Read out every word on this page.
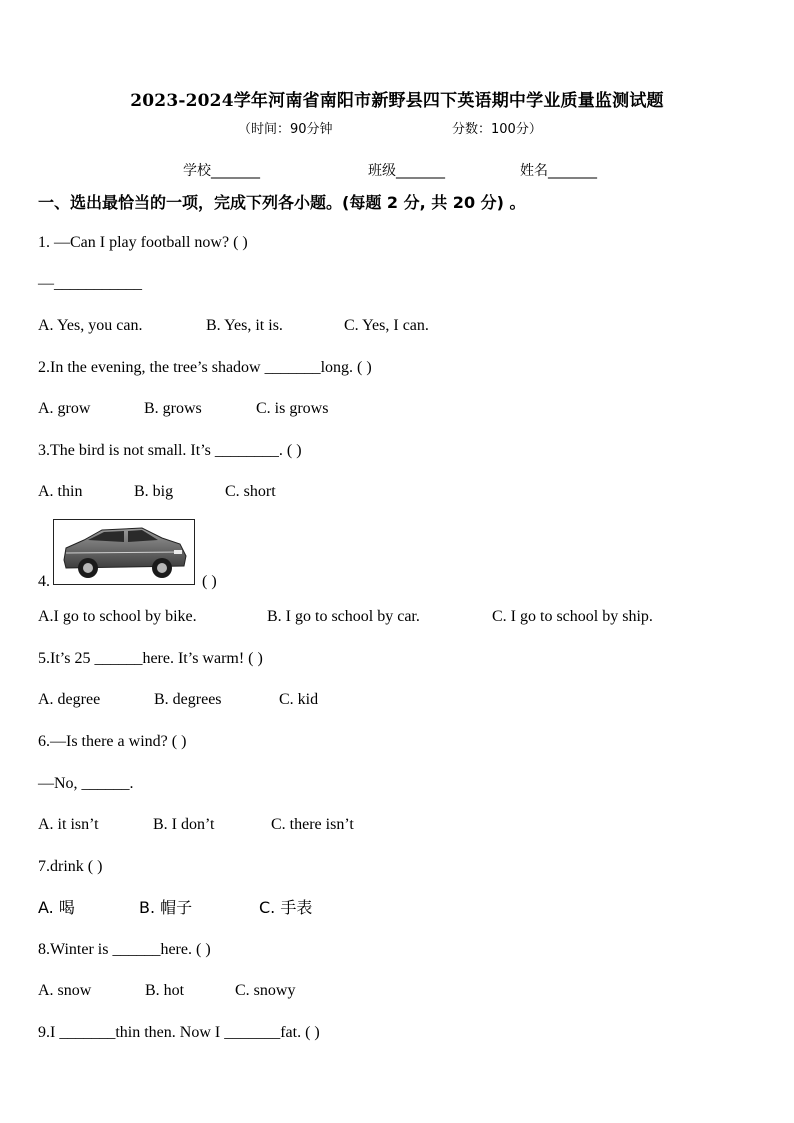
2023-2024学年河南省南阳市新野县四下英语期中学业质量监测试题
（时间：90分钟	分数：100分）
学校_______	班级_______	姓名_______
一、选出最恰当的一项，完成下列各小题。(每题 2 分, 共 20 分) 。
1. —Can I play football now? ( )
—___________
A. Yes, you can.	B. Yes, it is.	C. Yes, I can.
2.In the evening, the tree’s shadow _______long. ( )
A. grow	B. grows	C. is grows
3.The bird is not small. It’s ________. ( )
A. thin	B. big	C. short
4.	( )
A.I go to school by bike.	B. I go to school by car.	C. I go to school by ship.
5.It’s 25 ______here. It’s warm! ( )
A. degree	B. degrees	C. kid
6.—Is there a wind? ( )
—No, ______.
A. it isn’t	B. I don’t	C. there isn’t
7.drink ( )
A. 喝	B. 帽子	C. 手表
8.Winter is ______here. ( )
A. snow	B. hot	C. snowy
9.I _______thin then. Now I _______fat. ( )
